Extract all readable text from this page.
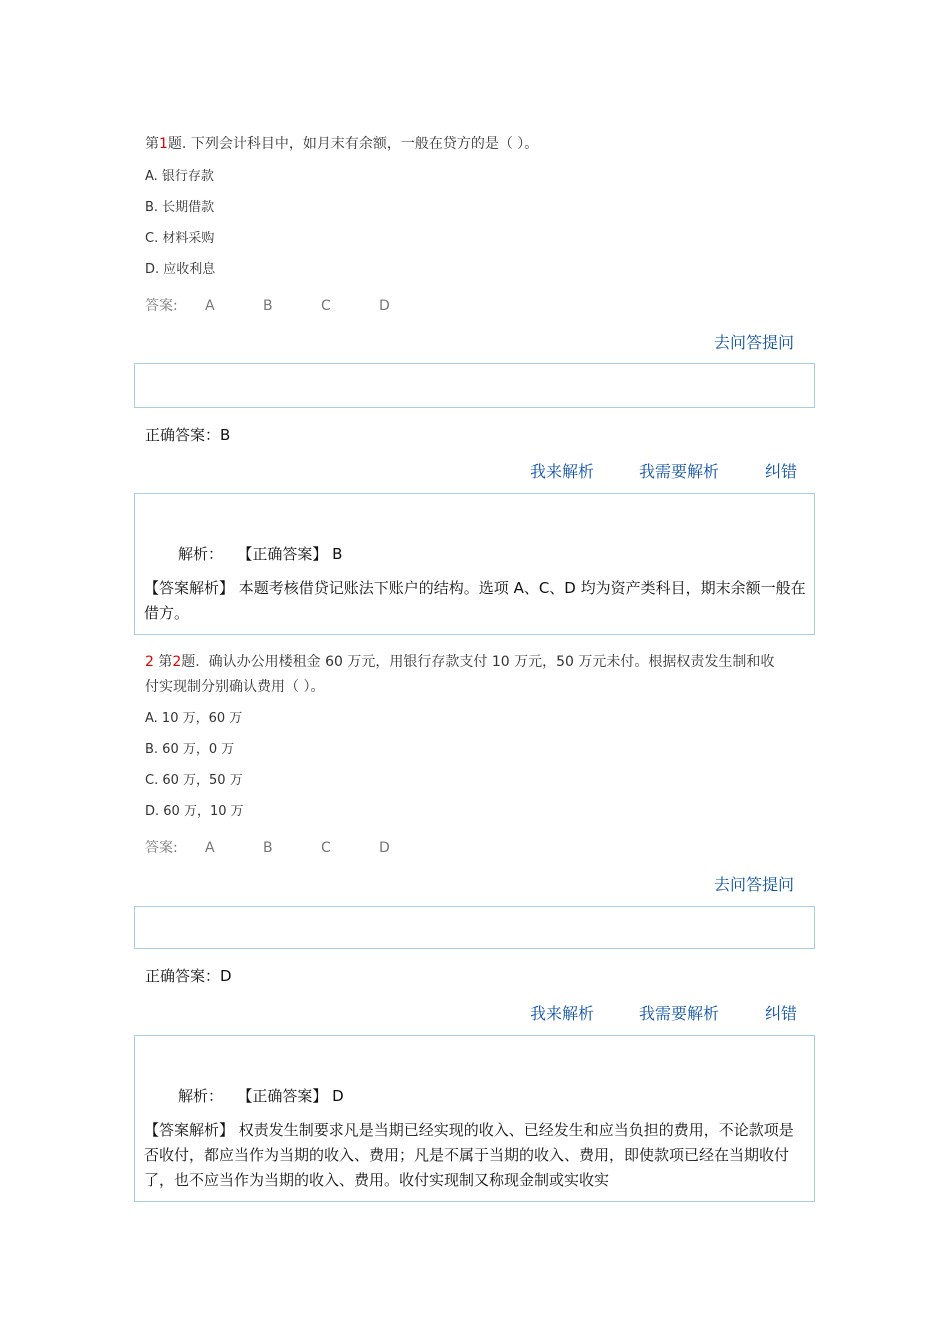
第1题. 下列会计科目中，如月末有余额，一般在贷方的是（ ）。
A. 银行存款
B. 长期借款
C. 材料采购
D. 应收利息
答案: A	B	C	D
去问答提问
正确答案：B
我来解析	我需要解析	纠错
解析： 【正确答案】 B
【答案解析】 本题考核借贷记账法下账户的结构。选项 A、C、D 均为资产类科目，期末余额一般在借方。
2 第2题. 确认办公用楼租金 60 万元，用银行存款支付 10 万元，50 万元未付。根据权责发生制和收
付实现制分别确认费用（ ）。
A. 10 万，60 万
B. 60 万，0 万
C. 60 万，50 万
D. 60 万，10 万
答案: A	B	C	D
去问答提问
正确答案：D
我来解析	我需要解析	纠错
解析： 【正确答案】 D
【答案解析】 权责发生制要求凡是当期已经实现的收入、已经发生和应当负担的费用，不论款项是否收付，都应当作为当期的收入、费用；凡是不属于当期的收入、费用，即使款项已经在当期收付了，也不应当作为当期的收入、费用。收付实现制又称现金制或实收实
